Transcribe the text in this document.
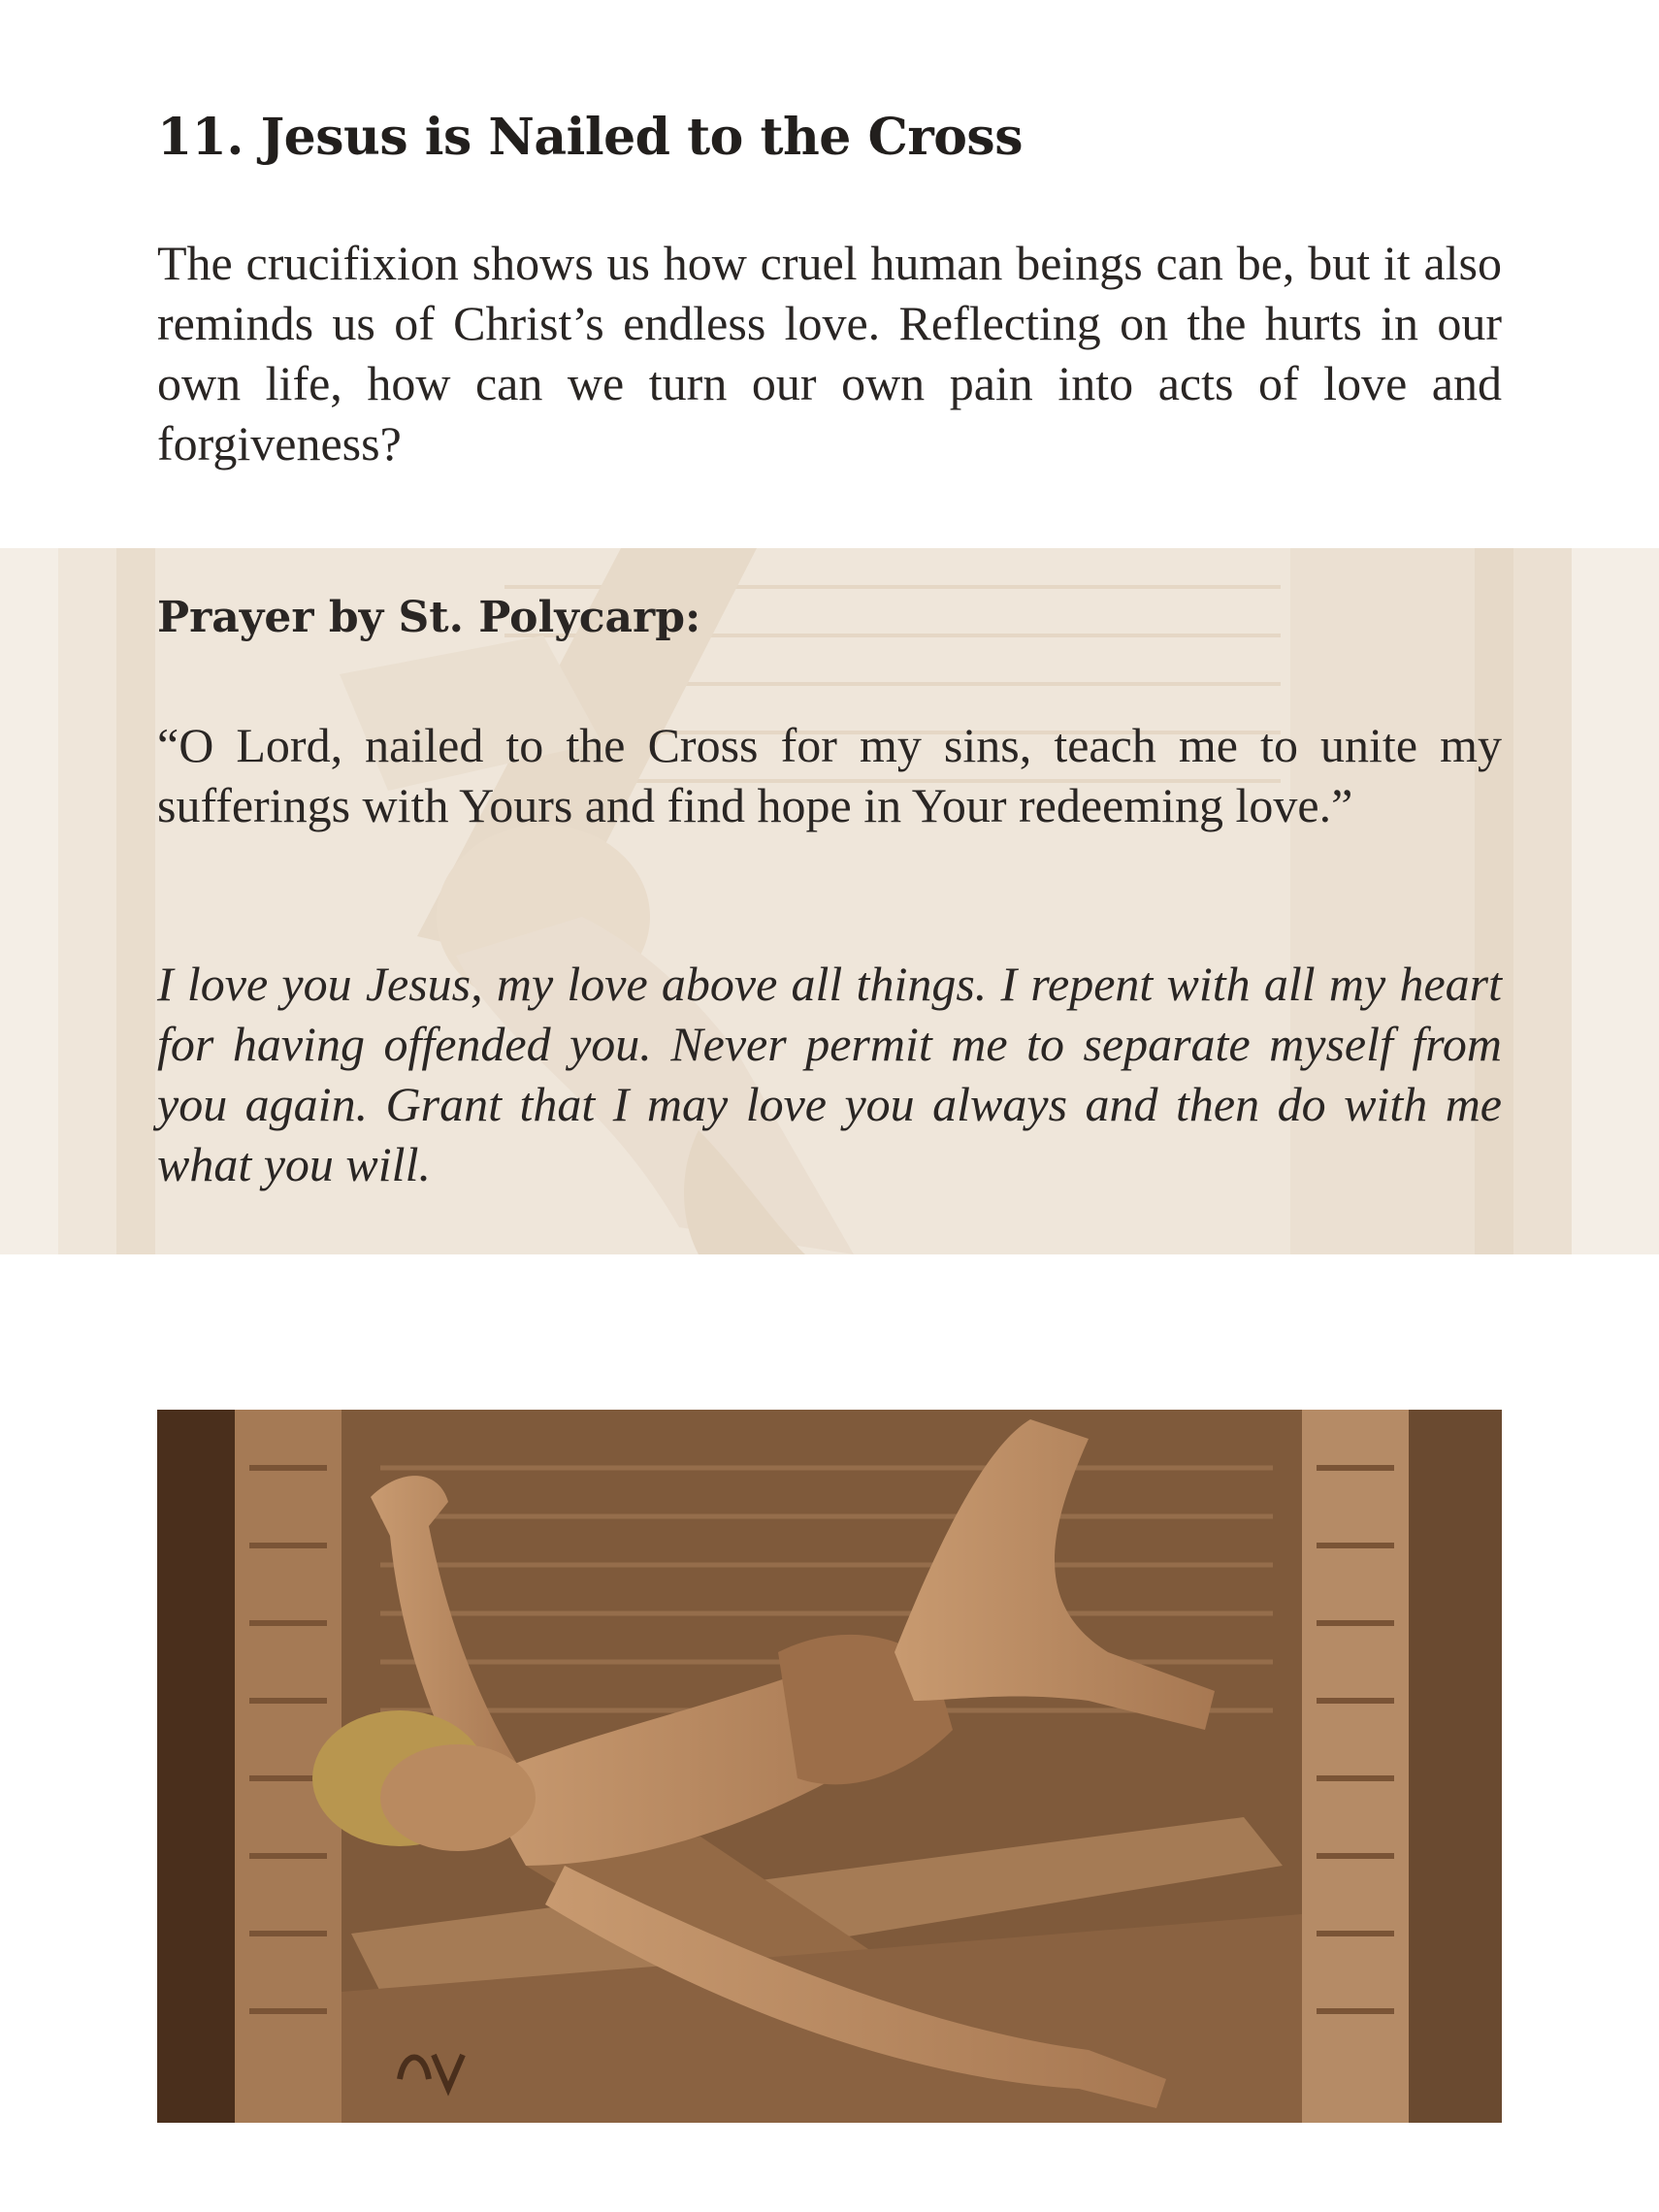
11. Jesus is Nailed to the Cross

The crucifixion shows us how cruel human beings can be, but it also reminds us of Christ’s endless love. Reflecting on the hurts in our own life, how can we turn our own pain into acts of love and forgiveness?

Prayer by St. Polycarp:

“O Lord, nailed to the Cross for my sins, teach me to unite my sufferings with Yours and find hope in Your redeeming love.”

I love you Jesus, my love above all things. I repent with all my heart for having offended you. Never permit me to separate myself from you again. Grant that I may love you always and then do with me what you will.
